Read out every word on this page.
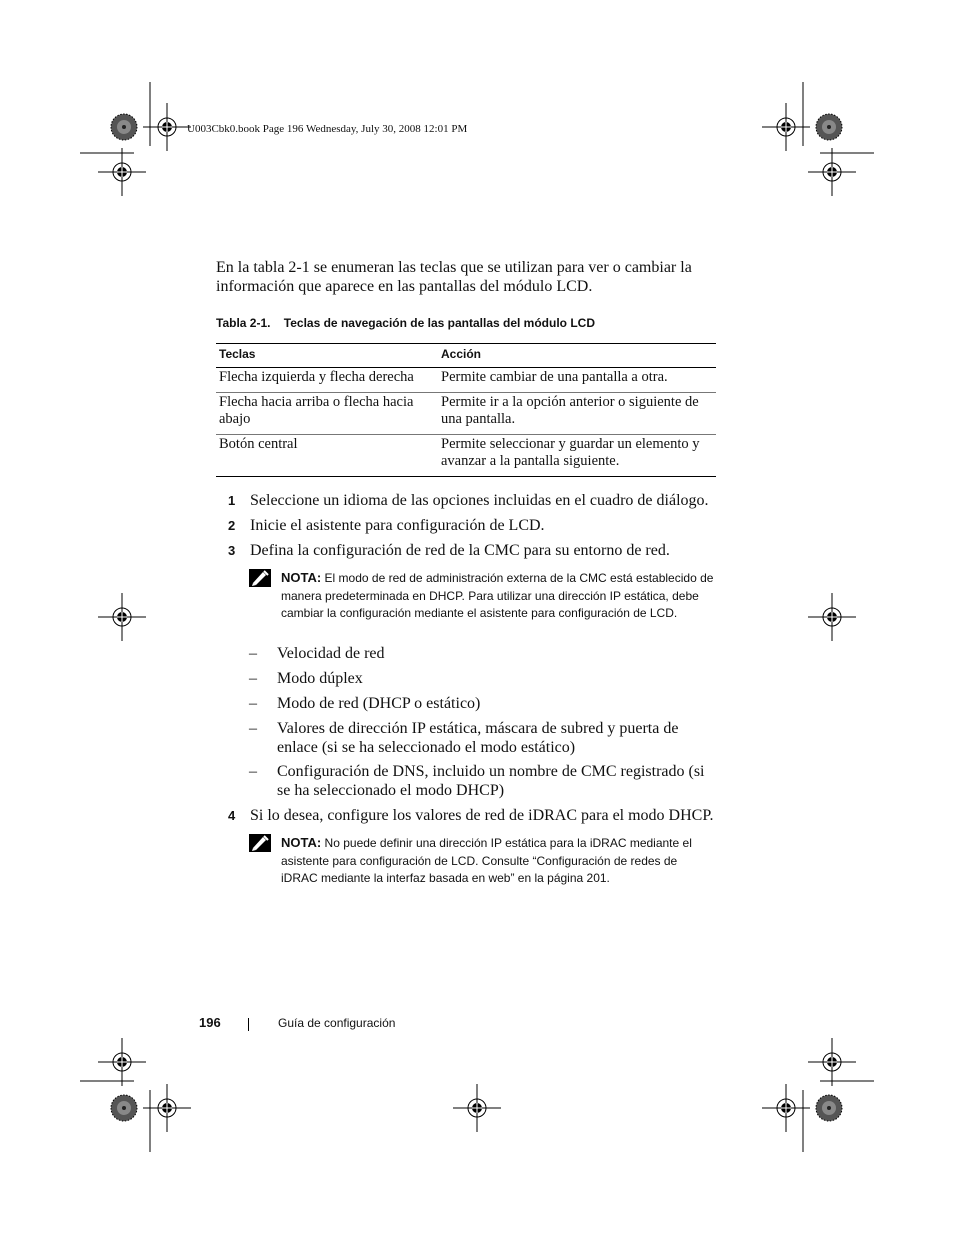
U003Cbk0.book Page 196 Wednesday, July 30, 2008 12:01 PM

En la tabla 2-1 se enumeran las teclas que se utilizan para ver o cambiar la información que aparece en las pantallas del módulo LCD.

Tabla 2-1.    Teclas de navegación de las pantallas del módulo LCD
Teclas	Acción
Flecha izquierda y flecha derecha	Permite cambiar de una pantalla a otra.
Flecha hacia arriba o flecha hacia abajo	Permite ir a la opción anterior o siguiente de una pantalla.
Botón central	Permite seleccionar y guardar un elemento y avanzar a la pantalla siguiente.
1 Seleccione un idioma de las opciones incluidas en el cuadro de diálogo.
2 Inicie el asistente para configuración de LCD.
3 Defina la configuración de red de la CMC para su entorno de red.
NOTA: El modo de red de administración externa de la CMC está establecido de manera predeterminada en DHCP. Para utilizar una dirección IP estática, debe cambiar la configuración mediante el asistente para configuración de LCD.
– Velocidad de red
– Modo dúplex
– Modo de red (DHCP o estático)
– Valores de dirección IP estática, máscara de subred y puerta de enlace (si se ha seleccionado el modo estático)
– Configuración de DNS, incluido un nombre de CMC registrado (si se ha seleccionado el modo DHCP)
4 Si lo desea, configure los valores de red de iDRAC para el modo DHCP.
NOTA: No puede definir una dirección IP estática para la iDRAC mediante el asistente para configuración de LCD. Consulte “Configuración de redes de iDRAC mediante la interfaz basada en web” en la página 201.
196	Guía de configuración
